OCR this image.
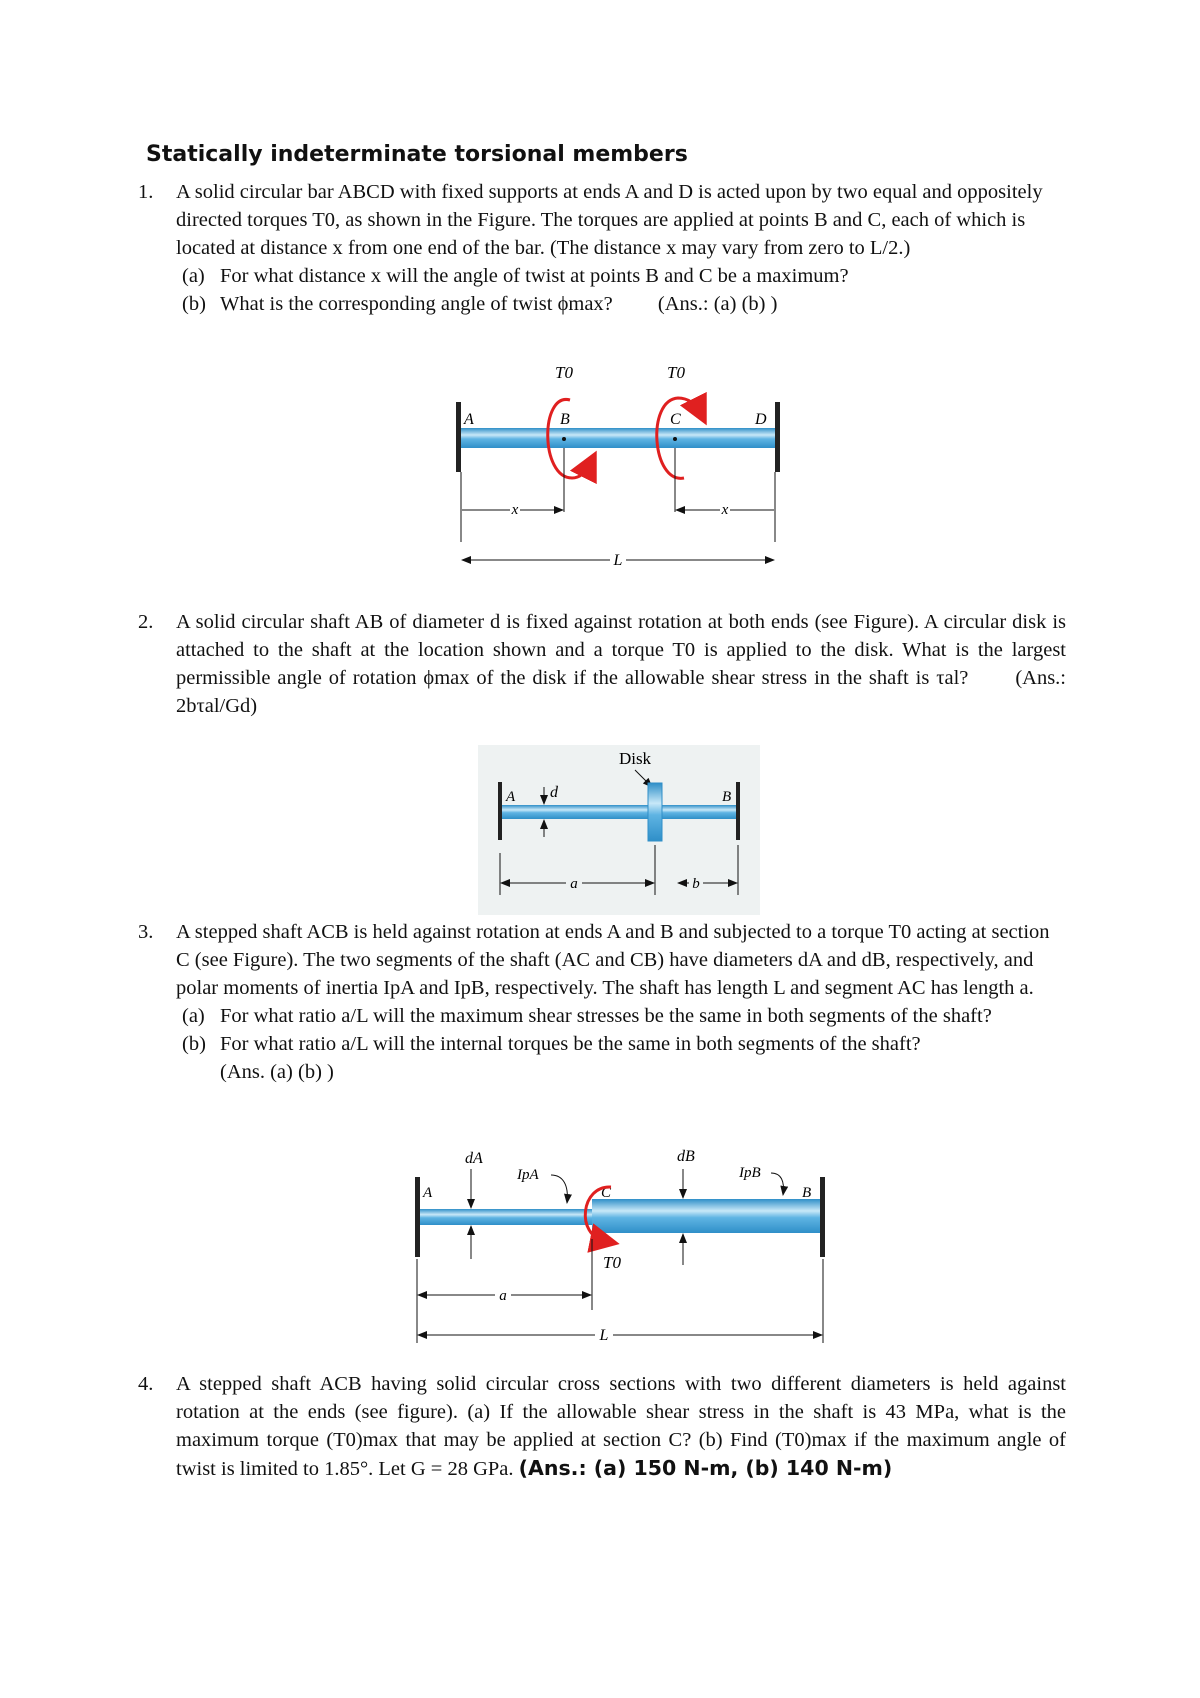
Statically indeterminate torsional members
1.	A solid circular bar ABCD with fixed supports at ends A and D is acted upon by two equal and oppositely directed torques T0, as shown in the Figure. The torques are applied at points B and C, each of which is located at distance x from one end of the bar. (The distance x may vary from zero to L/2.)
(a) For what distance x will the angle of twist at points B and C be a maximum?
(b) What is the corresponding angle of twist ϕmax? (Ans.: (a) (b) )
A	B	C	D
T0	T0
x	x
L
2.	A solid circular shaft AB of diameter d is fixed against rotation at both ends (see Figure). A circular disk is attached to the shaft at the location shown and a torque T0 is applied to the disk. What is the largest permissible angle of rotation ϕmax of the disk if the allowable shear stress in the shaft is τal? (Ans.: 2bτal/Gd)
Disk
A	B
d
a	b
3.	A stepped shaft ACB is held against rotation at ends A and B and subjected to a torque T0 acting at section C (see Figure). The two segments of the shaft (AC and CB) have diameters dA and dB, respectively, and polar moments of inertia IpA and IpB, respectively. The shaft has length L and segment AC has length a.
(a) For what ratio a/L will the maximum shear stresses be the same in both segments of the shaft?
(b) For what ratio a/L will the internal torques be the same in both segments of the shaft?
(Ans. (a) (b) )
A	C	B
dA	dB
IpA	IpB
T0
a
L
4.	A stepped shaft ACB having solid circular cross sections with two different diameters is held against rotation at the ends (see figure). (a) If the allowable shear stress in the shaft is 43 MPa, what is the maximum torque (T0)max that may be applied at section C? (b) Find (T0)max if the maximum angle of twist is limited to 1.85°. Let G = 28 GPa. (Ans.: (a) 150 N-m, (b) 140 N-m)
